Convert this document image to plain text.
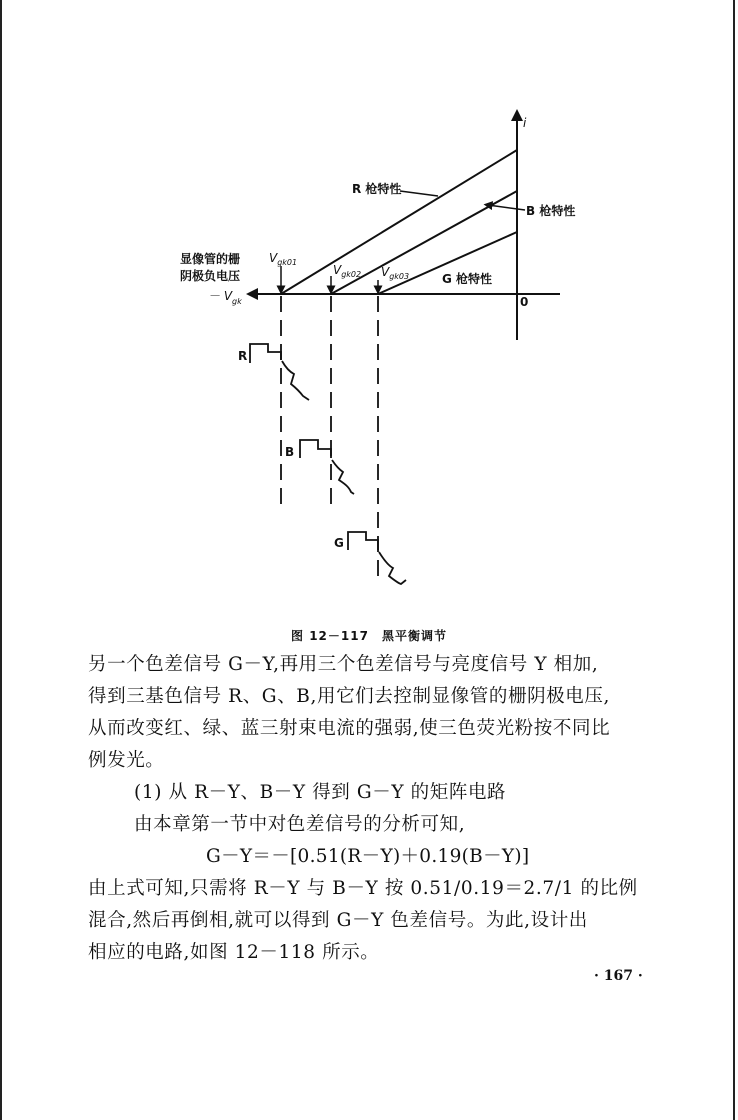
i
0
R 枪特性
B 枪特性
G 枪特性
$V_{gk01}$
$V_{gk02}$ $V_{gk03}$
显像管的栅
阴极负电压
－ $V_{gk}$
R
B
G
图 12－117　黑平衡调节
另一个色差信号 G－Y,再用三个色差信号与亮度信号 Y 相加,
得到三基色信号 R、G、B,用它们去控制显像管的栅阴极电压,
从而改变红、绿、蓝三射束电流的强弱,使三色荧光粉按不同比
例发光。
(1) 从 R－Y、B－Y 得到 G－Y 的矩阵电路
由本章第一节中对色差信号的分析可知,
G－Y＝－[0.51(R－Y)＋0.19(B－Y)]
由上式可知,只需将 R－Y 与 B－Y 按 0.51/0.19＝2.7/1 的比例
混合,然后再倒相,就可以得到 G－Y 色差信号。为此,设计出
相应的电路,如图 12－118 所示。
· 167 ·
